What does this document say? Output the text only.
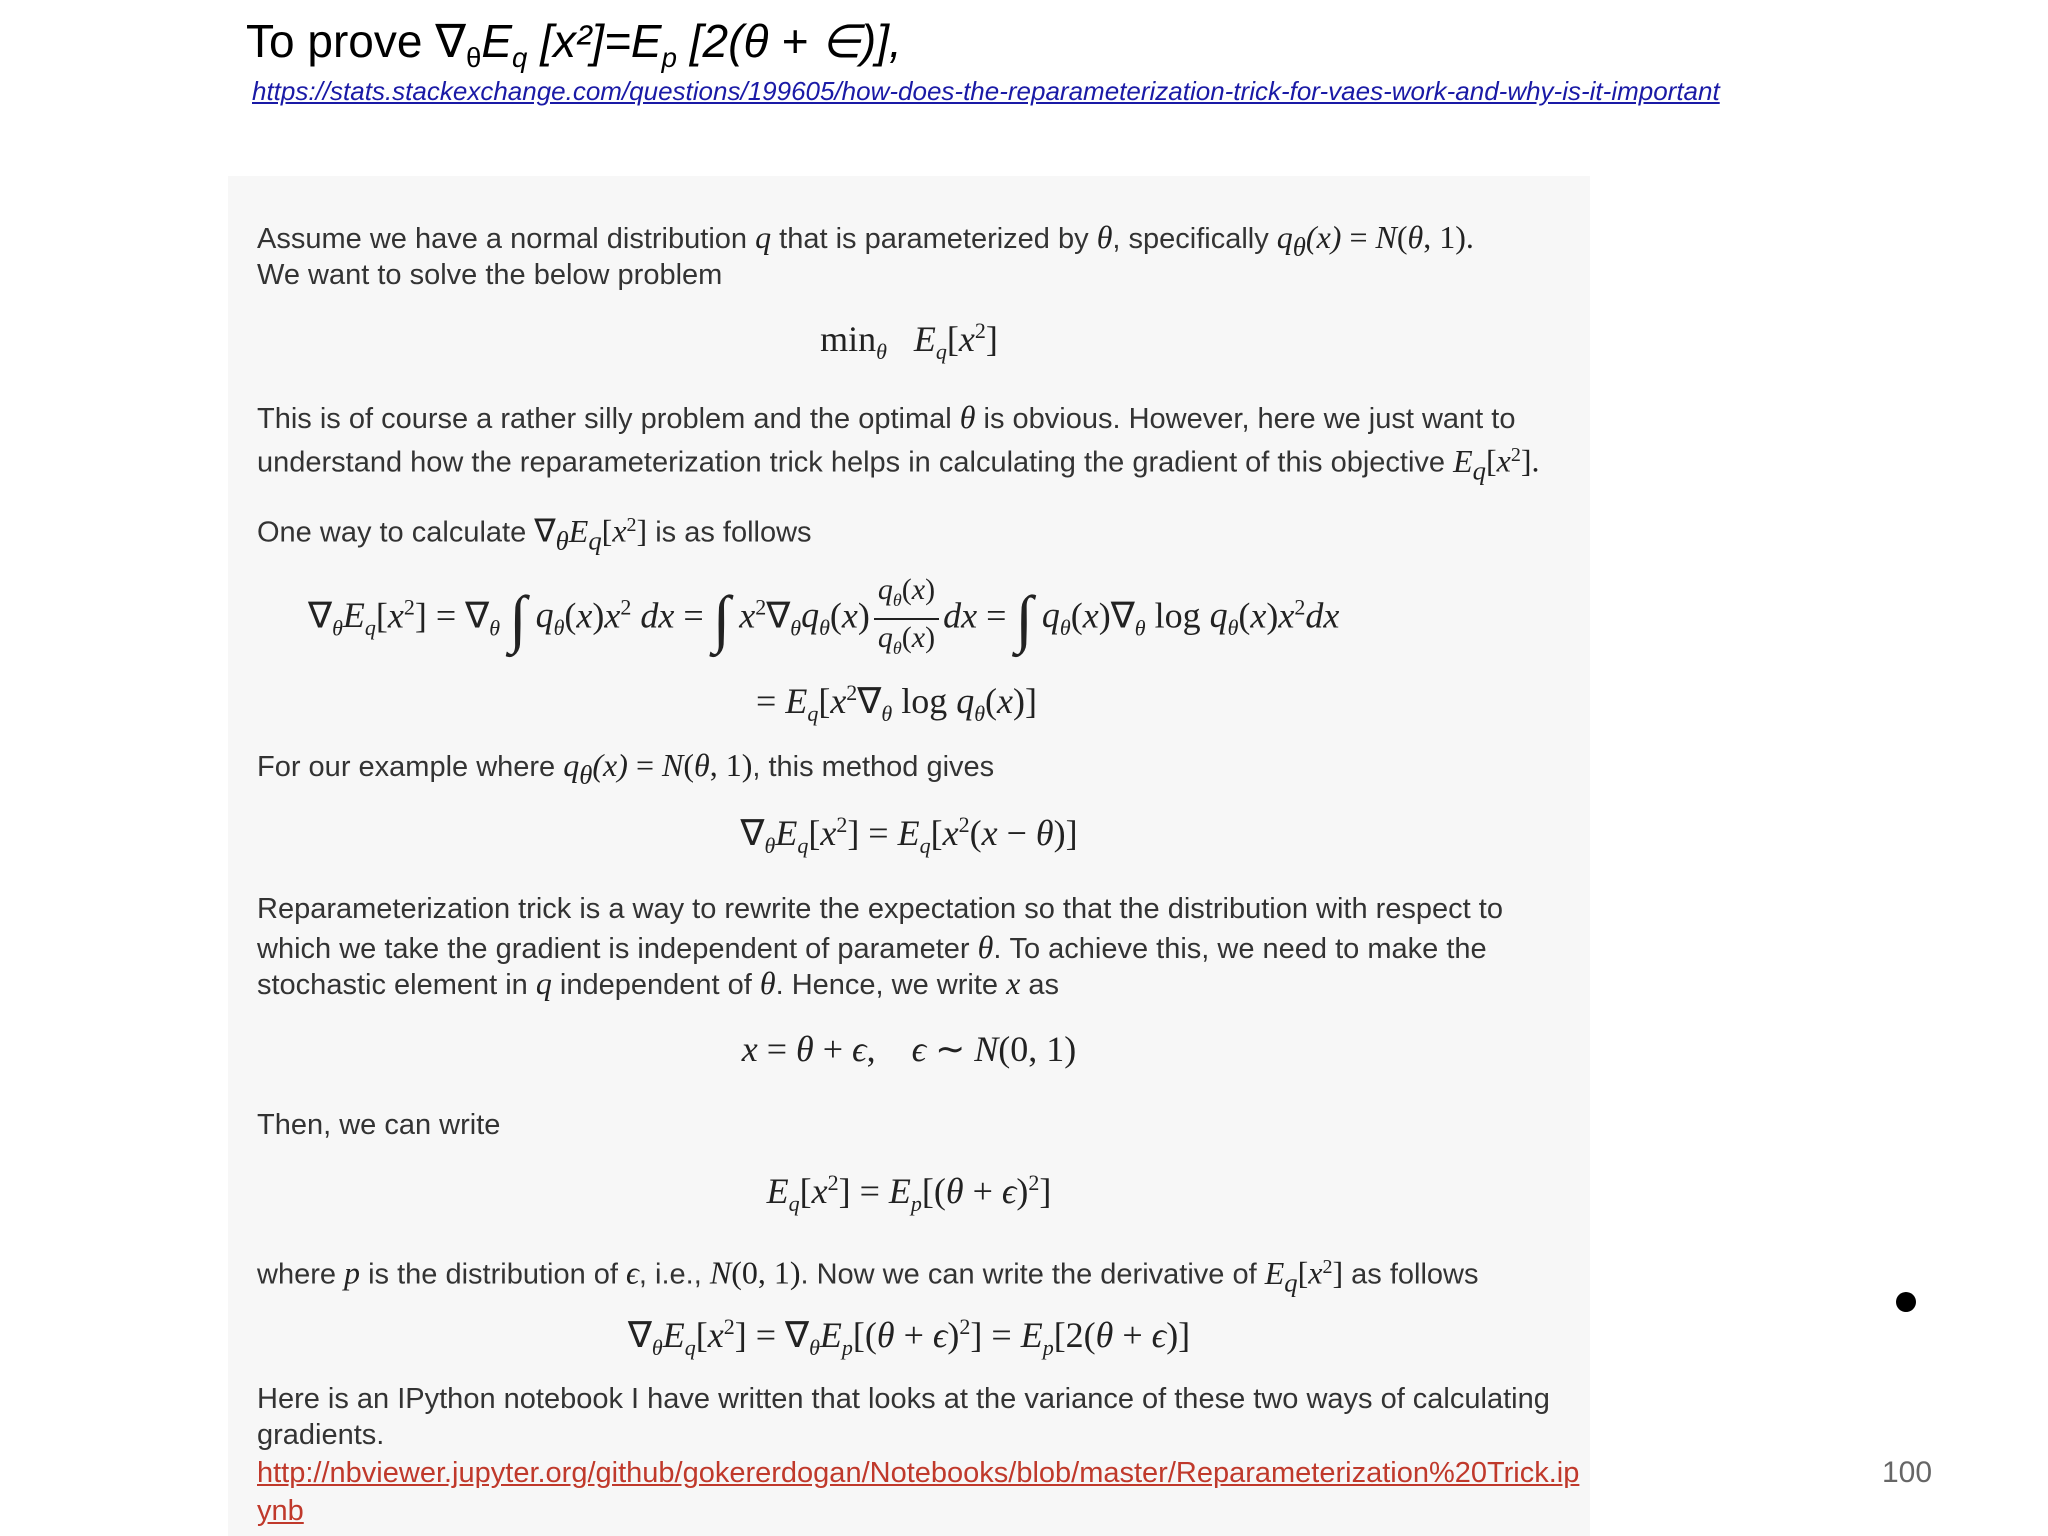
To prove $\nabla_\theta E_q$ $[x^2]=E_p$ [2(θ + ∈)],
https://stats.stackexchange.com/questions/199605/how-does-the-reparameterization-trick-for-vaes-work-and-why-is-it-important
Assume we have a normal distribution q that is parameterized by θ, specifically $q_\theta(x) = N(\theta$, 1).
We want to solve the below problem
$\min_\theta E_q[x^2]$
This is of course a rather silly problem and the optimal θ is obvious. However, here we just want to
understand how the reparameterization trick helps in calculating the gradient of this objective $E_q[x^2]$.
One way to calculate $\nabla_\theta E_q[x^2]$ is as follows
$\nabla_\theta E_q[x^2] = \nabla_\theta$ ∫ $q_\theta(x)x^2$ dx = ∫ $x^2\nabla_\theta q_\theta(x) \frac{q_\theta(x)}{q_\theta(x)}$ dx = ∫ $q_\theta(x)\nabla_\theta$ $\log q_\theta(x)x^2dx$
= $E_q[x^2\nabla_\theta$ $\log q_\theta(x)$]
For our example where $q_\theta(x) = N(\theta$, 1), this method gives
$\nabla_\theta E_q[x^2] = E_q[x^2(x - \theta)]$
Reparameterization trick is a way to rewrite the expectation so that the distribution with respect to
which we take the gradient is independent of parameter θ. To achieve this, we need to make the
stochastic element in q independent of θ. Hence, we write x as
x = θ + ϵ,    ϵ ∼ N(0, 1)
Then, we can write
$E_q[x^2] = E_p[(\theta + \epsilon)^2]$
where p is the distribution of ϵ, i.e., N(0, 1). Now we can write the derivative of $E_q[x^2]$ as follows
$\nabla_\theta E_q[x^2] = \nabla_\theta E_p[(\theta + \epsilon)^2] = E_p[2(\theta + \epsilon)]$
Here is an IPython notebook I have written that looks at the variance of these two ways of calculating
gradients.
http://nbviewer.jupyter.org/github/gokererdogan/Notebooks/blob/master/Reparameterization%20Trick.ipynb
100
